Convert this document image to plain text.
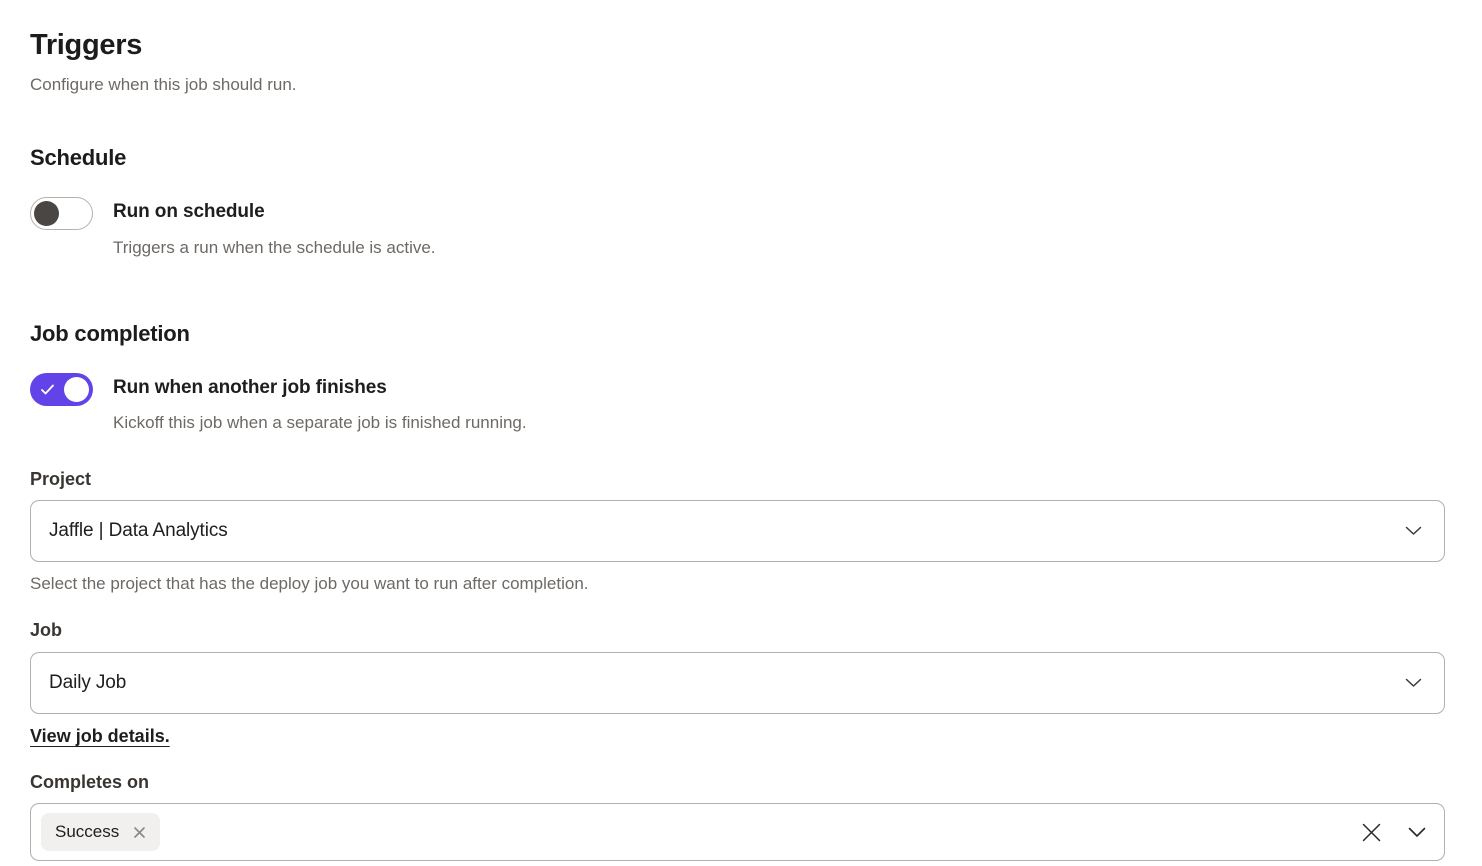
Triggers
Configure when this job should run.
Schedule
Run on schedule
Triggers a run when the schedule is active.
Job completion
Run when another job finishes
Kickoff this job when a separate job is finished running.
Project
Jaffle | Data Analytics
Select the project that has the deploy job you want to run after completion.
Job
Daily Job
View job details.
Completes on
Success
